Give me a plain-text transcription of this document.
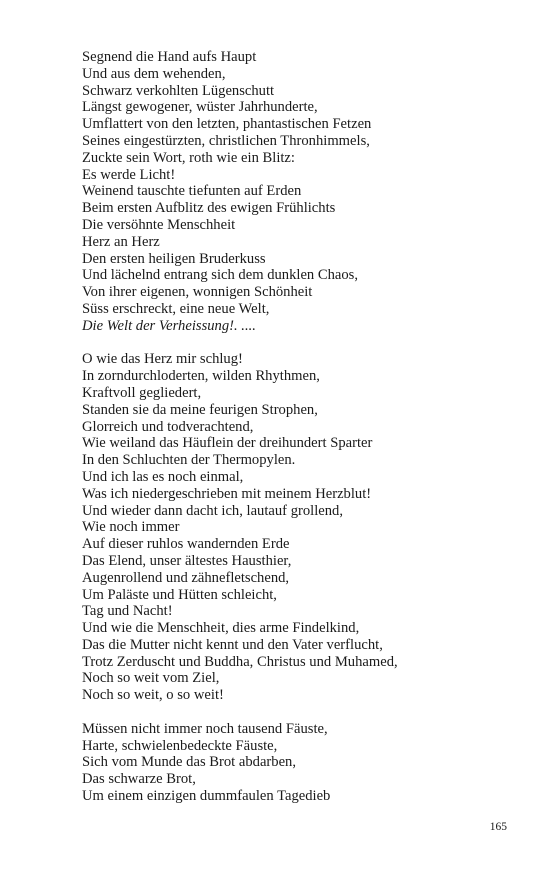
Segnend die Hand aufs Haupt
Und aus dem wehenden,
Schwarz verkohlten Lügenschutt
Längst gewogener, wüster Jahrhunderte,
Umflattert von den letzten, phantastischen Fetzen
Seines eingestürzten, christlichen Thronhimmels,
Zuckte sein Wort, roth wie ein Blitz:
Es werde Licht!
Weinend tauschte tiefunten auf Erden
Beim ersten Aufblitz des ewigen Frühlichts
Die versöhnte Menschheit
Herz an Herz
Den ersten heiligen Bruderkuss
Und lächelnd entrang sich dem dunklen Chaos,
Von ihrer eigenen, wonnigen Schönheit
Süss erschreckt, eine neue Welt,
Die Welt der Verheissung!. ....
O wie das Herz mir schlug!
In zorndurchloderten, wilden Rhythmen,
Kraftvoll gegliedert,
Standen sie da meine feurigen Strophen,
Glorreich und todverachtend,
Wie weiland das Häuflein der dreihundert Sparter
In den Schluchten der Thermopylen.
Und ich las es noch einmal,
Was ich niedergeschrieben mit meinem Herzblut!
Und wieder dann dacht ich, lautauf grollend,
Wie noch immer
Auf dieser ruhlos wandernden Erde
Das Elend, unser ältestes Hausthier,
Augenrollend und zähnefletschend,
Um Paläste und Hütten schleicht,
Tag und Nacht!
Und wie die Menschheit, dies arme Findelkind,
Das die Mutter nicht kennt und den Vater verflucht,
Trotz Zerduscht und Buddha, Christus und Muhamed,
Noch so weit vom Ziel,
Noch so weit, o so weit!
Müssen nicht immer noch tausend Fäuste,
Harte, schwielenbedeckte Fäuste,
Sich vom Munde das Brot abdarben,
Das schwarze Brot,
Um einem einzigen dummfaulen Tagedieb
165
